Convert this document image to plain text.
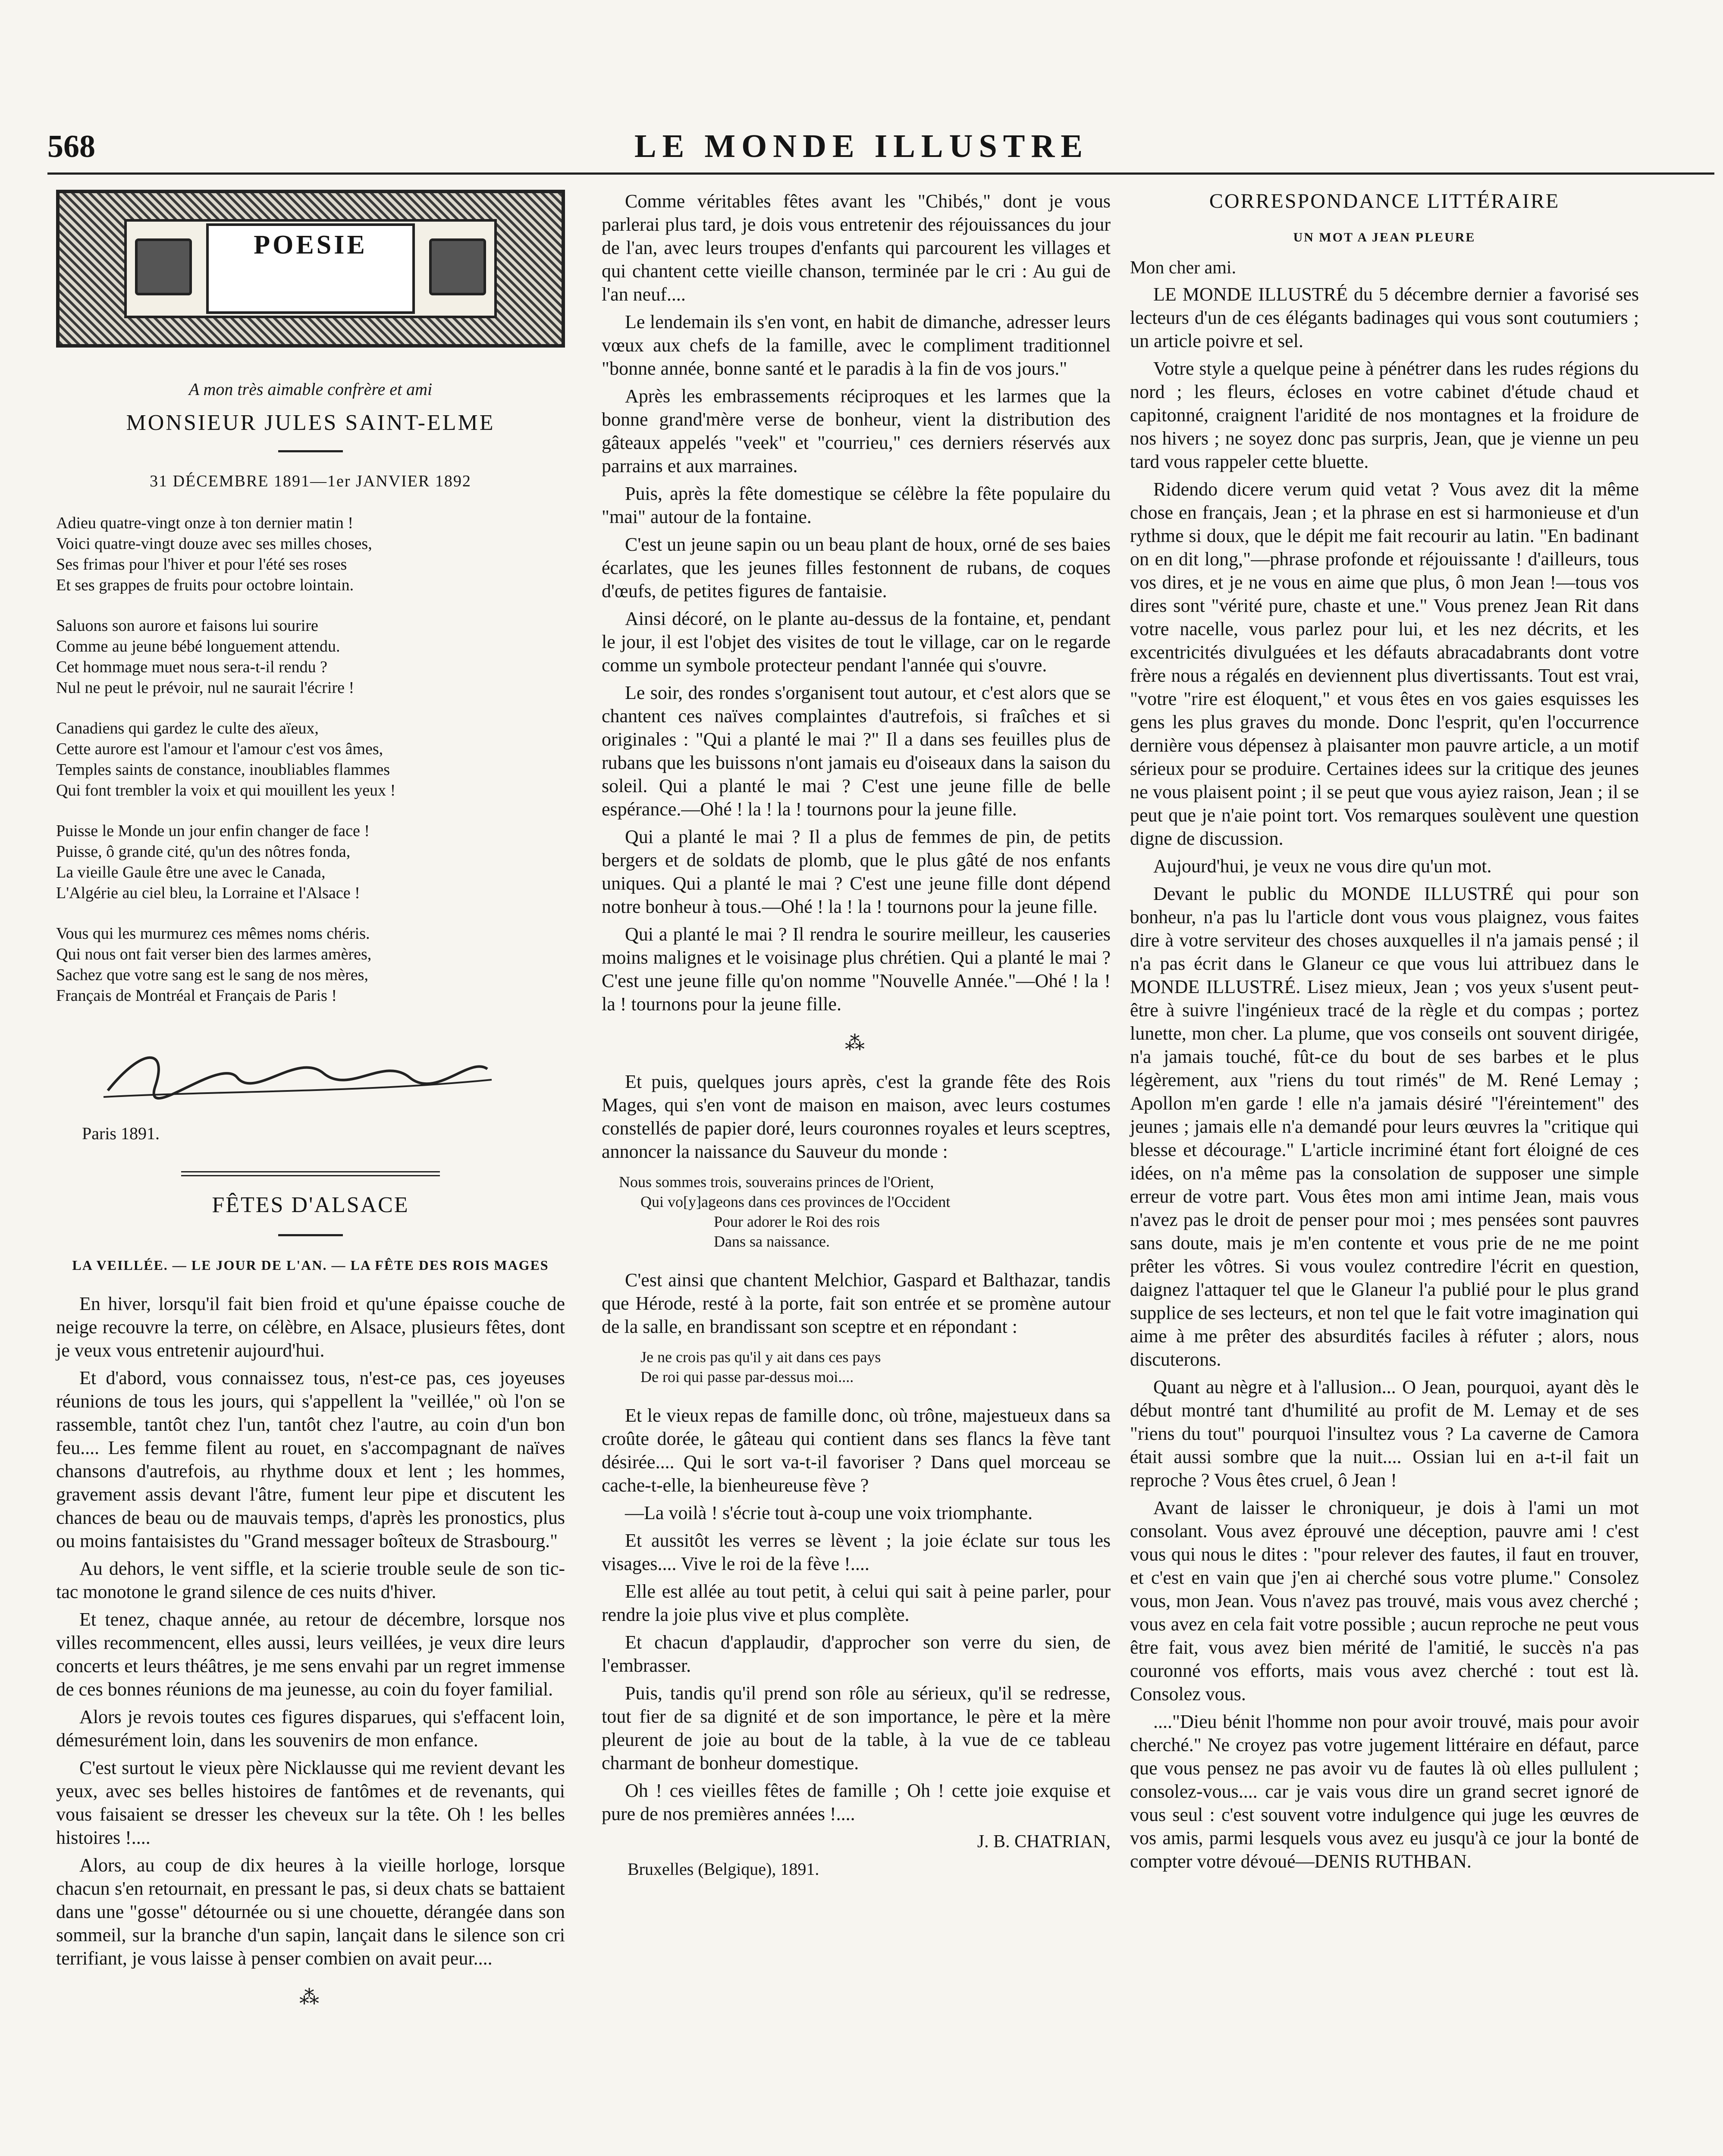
568	LE MONDE ILLUSTRE
POESIE
A mon très aimable confrère et ami
MONSIEUR JULES SAINT-ELME
31 DÉCEMBRE 1891—1er JANVIER 1892
Adieu quatre-vingt onze à ton dernier matin !
Voici quatre-vingt douze avec ses milles choses,
Ses frimas pour l'hiver et pour l'été ses roses
Et ses grappes de fruits pour octobre lointain.
Saluons son aurore et faisons lui sourire
Comme au jeune bébé longuement attendu.
Cet hommage muet nous sera-t-il rendu ?
Nul ne peut le prévoir, nul ne saurait l'écrire !
Canadiens qui gardez le culte des aïeux,
Cette aurore est l'amour et l'amour c'est vos âmes,
Temples saints de constance, inoubliables flammes
Qui font trembler la voix et qui mouillent les yeux !
Puisse le Monde un jour enfin changer de face !
Puisse, ô grande cité, qu'un des nôtres fonda,
La vieille Gaule être une avec le Canada,
L'Algérie au ciel bleu, la Lorraine et l'Alsace !
Vous qui les murmurez ces mêmes noms chéris.
Qui nous ont fait verser bien des larmes amères,
Sachez que votre sang est le sang de nos mères,
Français de Montréal et Français de Paris !
Paris 1891.
FÊTES D'ALSACE
LA VEILLÉE. — LE JOUR DE L'AN. — LA FÊTE DES ROIS MAGES

En hiver, lorsqu'il fait bien froid et qu'une épaisse couche de neige recouvre la terre, on célèbre, en Alsace, plusieurs fêtes, dont je veux vous entretenir aujourd'hui.

Et d'abord, vous connaissez tous, n'est-ce pas, ces joyeuses réunions de tous les jours, qui s'appellent la "veillée," où l'on se rassemble, tantôt chez l'un, tantôt chez l'autre, au coin d'un bon feu.... Les femme filent au rouet, en s'accompagnant de naïves chansons d'autrefois, au rhythme doux et lent ; les hommes, gravement assis devant l'âtre, fument leur pipe et discutent les chances de beau ou de mauvais temps, d'après les pronostics, plus ou moins fantaisistes du "Grand messager boîteux de Strasbourg."

Au dehors, le vent siffle, et la scierie trouble seule de son tic-tac monotone le grand silence de ces nuits d'hiver.

Et tenez, chaque année, au retour de décembre, lorsque nos villes recommencent, elles aussi, leurs veillées, je veux dire leurs concerts et leurs théâtres, je me sens envahi par un regret immense de ces bonnes réunions de ma jeunesse, au coin du foyer familial.

Alors je revois toutes ces figures disparues, qui s'effacent loin, démesurément loin, dans les souvenirs de mon enfance.

C'est surtout le vieux père Nicklausse qui me revient devant les yeux, avec ses belles histoires de fantômes et de revenants, qui vous faisaient se dresser les cheveux sur la tête. Oh ! les belles histoires !....

Alors, au coup de dix heures à la vieille horloge, lorsque chacun s'en retournait, en pressant le pas, si deux chats se battaient dans une "gosse" détournée ou si une chouette, dérangée dans son sommeil, sur la branche d'un sapin, lançait dans le silence son cri terrifiant, je vous laisse à penser combien on avait peur....

⁂

Comme véritables fêtes avant les "Chibés," dont je vous parlerai plus tard, je dois vous entretenir des réjouissances du jour de l'an, avec leurs troupes d'enfants qui parcourent les villages et qui chantent cette vieille chanson, terminée par le cri : Au gui de l'an neuf....

Le lendemain ils s'en vont, en habit de dimanche, adresser leurs vœux aux chefs de la famille, avec le compliment traditionnel "bonne année, bonne santé et le paradis à la fin de vos jours."

Après les embrassements réciproques et les larmes que la bonne grand'mère verse de bonheur, vient la distribution des gâteaux appelés "veek" et "courrieu," ces derniers réservés aux parrains et aux marraines.

Puis, après la fête domestique se célèbre la fête populaire du "mai" autour de la fontaine.

C'est un jeune sapin ou un beau plant de houx, orné de ses baies écarlates, que les jeunes filles festonnent de rubans, de coques d'œufs, de petites figures de fantaisie.

Ainsi décoré, on le plante au-dessus de la fontaine, et, pendant le jour, il est l'objet des visites de tout le village, car on le regarde comme un symbole protecteur pendant l'année qui s'ouvre.

Le soir, des rondes s'organisent tout autour, et c'est alors que se chantent ces naïves complaintes d'autrefois, si fraîches et si originales : "Qui a planté le mai ?" Il a dans ses feuilles plus de rubans que les buissons n'ont jamais eu d'oiseaux dans la saison du soleil. Qui a planté le mai ? C'est une jeune fille de belle espérance.—Ohé ! la ! la ! tournons pour la jeune fille.

Qui a planté le mai ? Il a plus de femmes de pin, de petits bergers et de soldats de plomb, que le plus gâté de nos enfants uniques. Qui a planté le mai ? C'est une jeune fille dont dépend notre bonheur à tous.—Ohé ! la ! la ! tournons pour la jeune fille.

Qui a planté le mai ? Il rendra le sourire meilleur, les causeries moins malignes et le voisinage plus chrétien. Qui a planté le mai ? C'est une jeune fille qu'on nomme "Nouvelle Année."—Ohé ! la ! la ! tournons pour la jeune fille.

⁂

Et puis, quelques jours après, c'est la grande fête des Rois Mages, qui s'en vont de maison en maison, avec leurs costumes constellés de papier doré, leurs couronnes royales et leurs sceptres, annoncer la naissance du Sauveur du monde :

Nous sommes trois, souverains princes de l'Orient,
Qui vo[y]ageons dans ces provinces de l'Occident
Pour adorer le Roi des rois
Dans sa naissance.

C'est ainsi que chantent Melchior, Gaspard et Balthazar, tandis que Hérode, resté à la porte, fait son entrée et se promène autour de la salle, en brandissant son sceptre et en répondant :

Je ne crois pas qu'il y ait dans ces pays
De roi qui passe par-dessus moi....

Et le vieux repas de famille donc, où trône, majestueux dans sa croûte dorée, le gâteau qui contient dans ses flancs la fève tant désirée.... Qui le sort va-t-il favoriser ? Dans quel morceau se cache-t-elle, la bienheureuse fève ?

—La voilà ! s'écrie tout à-coup une voix triomphante.

Et aussitôt les verres se lèvent ; la joie éclate sur tous les visages.... Vive le roi de la fève !....

Elle est allée au tout petit, à celui qui sait à peine parler, pour rendre la joie plus vive et plus complète.

Et chacun d'applaudir, d'approcher son verre du sien, de l'embrasser.

Puis, tandis qu'il prend son rôle au sérieux, qu'il se redresse, tout fier de sa dignité et de son importance, le père et la mère pleurent de joie au bout de la table, à la vue de ce tableau charmant de bonheur domestique.

Oh ! ces vieilles fêtes de famille ; Oh ! cette joie exquise et pure de nos premières années !....

J. B. CHATRIAN,
Bruxelles (Belgique), 1891.
CORRESPONDANCE LITTÉRAIRE
UN MOT A JEAN PLEURE
Mon cher ami.

LE MONDE ILLUSTRÉ du 5 décembre dernier a favorisé ses lecteurs d'un de ces élégants badinages qui vous sont coutumiers ; un article poivre et sel.

Votre style a quelque peine à pénétrer dans les rudes régions du nord ; les fleurs, écloses en votre cabinet d'étude chaud et capitonné, craignent l'aridité de nos montagnes et la froidure de nos hivers ; ne soyez donc pas surpris, Jean, que je vienne un peu tard vous rappeler cette bluette.

Ridendo dicere verum quid vetat ? Vous avez dit la même chose en français, Jean ; et la phrase en est si harmonieuse et d'un rythme si doux, que le dépit me fait recourir au latin. "En badinant on en dit long,"—phrase profonde et réjouissante ! d'ailleurs, tous vos dires, et je ne vous en aime que plus, ô mon Jean !—tous vos dires sont "vérité pure, chaste et une." Vous prenez Jean Rit dans votre nacelle, vous parlez pour lui, et les nez décrits, et les excentricités divulguées et les défauts abracadabrants dont votre frère nous a régalés en deviennent plus divertissants. Tout est vrai, "votre "rire est éloquent," et vous êtes en vos gaies esquisses les gens les plus graves du monde. Donc l'esprit, qu'en l'occurrence dernière vous dépensez à plaisanter mon pauvre article, a un motif sérieux pour se produire. Certaines idees sur la critique des jeunes ne vous plaisent point ; il se peut que vous ayiez raison, Jean ; il se peut que je n'aie point tort. Vos remarques soulèvent une question digne de discussion.

Aujourd'hui, je veux ne vous dire qu'un mot.

Devant le public du MONDE ILLUSTRÉ qui pour son bonheur, n'a pas lu l'article dont vous vous plaignez, vous faites dire à votre serviteur des choses auxquelles il n'a jamais pensé ; il n'a pas écrit dans le Glaneur ce que vous lui attribuez dans le MONDE ILLUSTRÉ. Lisez mieux, Jean ; vos yeux s'usent peut-être à suivre l'ingénieux tracé de la règle et du compas ; portez lunette, mon cher. La plume, que vos conseils ont souvent dirigée, n'a jamais touché, fût-ce du bout de ses barbes et le plus légèrement, aux "riens du tout rimés" de M. René Lemay ; Apollon m'en garde ! elle n'a jamais désiré "l'éreintement" des jeunes ; jamais elle n'a demandé pour leurs œuvres la "critique qui blesse et décourage." L'article incriminé étant fort éloigné de ces idées, on n'a même pas la consolation de supposer une simple erreur de votre part. Vous êtes mon ami intime Jean, mais vous n'avez pas le droit de penser pour moi ; mes pensées sont pauvres sans doute, mais je m'en contente et vous prie de ne me point prêter les vôtres. Si vous voulez contredire l'écrit en question, daignez l'attaquer tel que le Glaneur l'a publié pour le plus grand supplice de ses lecteurs, et non tel que le fait votre imagination qui aime à me prêter des absurdités faciles à réfuter ; alors, nous discuterons.

Quant au nègre et à l'allusion... O Jean, pourquoi, ayant dès le début montré tant d'humilité au profit de M. Lemay et de ses "riens du tout" pourquoi l'insultez vous ? La caverne de Camora était aussi sombre que la nuit.... Ossian lui en a-t-il fait un reproche ? Vous êtes cruel, ô Jean !

Avant de laisser le chroniqueur, je dois à l'ami un mot consolant. Vous avez éprouvé une déception, pauvre ami ! c'est vous qui nous le dites : "pour relever des fautes, il faut en trouver, et c'est en vain que j'en ai cherché sous votre plume." Consolez vous, mon Jean. Vous n'avez pas trouvé, mais vous avez cherché ; vous avez en cela fait votre possible ; aucun reproche ne peut vous être fait, vous avez bien mérité de l'amitié, le succès n'a pas couronné vos efforts, mais vous avez cherché : tout est là. Consolez vous.

...."Dieu bénit l'homme non pour avoir trouvé, mais pour avoir cherché." Ne croyez pas votre jugement littéraire en défaut, parce que vous pensez ne pas avoir vu de fautes là où elles pullulent ; consolez-vous.... car je vais vous dire un grand secret ignoré de vous seul : c'est souvent votre indulgence qui juge les œuvres de vos amis, parmi lesquels vous avez eu jusqu'à ce jour la bonté de compter votre dévoué—DENIS RUTHBAN.
